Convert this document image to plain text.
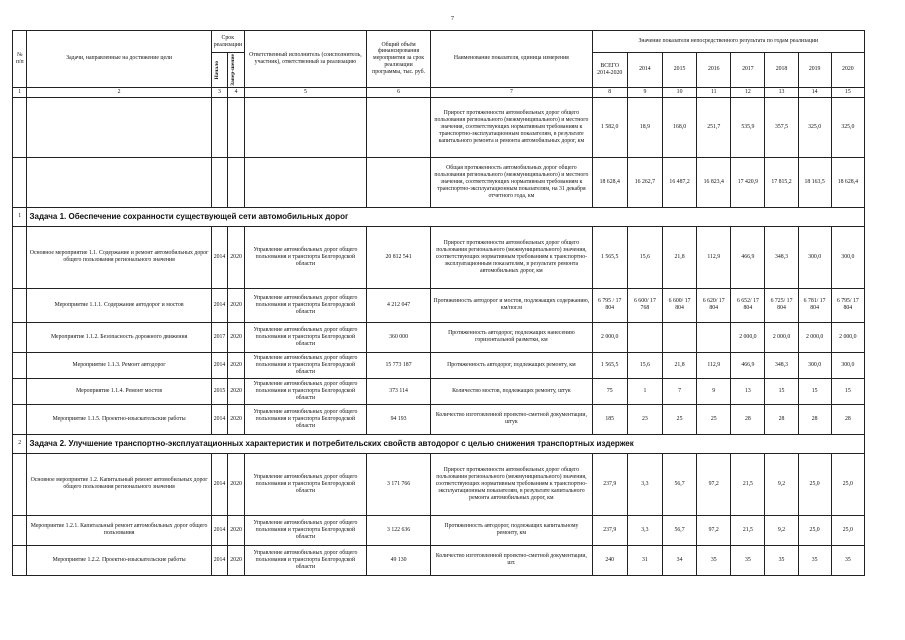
7
№ п/п	Задачи, направленные на достижение цели	Срок реализации		Ответственный исполнитель (соисполнитель, участник), ответственный за реализацию	Общий объём финансирования мероприятия за срок реализации программы, тыс. руб.	Наименование показателя, единица измерения	Значение показателя непосредственного результата по годам реализации							

		Начало	Завер-шение				ВСЕГО 2014-2020	2014	2015	2016	2017	2018	2019	2020
1	2	3	4	5	6	7	8	9	10	11	12	13	14	15
						Прирост протяженности автомобильных дорог общего пользования регионального (межмуниципального) и местного значения, соответствующих нормативным требованиям к транспортно-эксплуатационным показателям, в результате капитального ремонта и ремонта автомобильных дорог, км	1 582,0	18,9	168,0	251,7	535,9	357,5	325,0	325,0
						Общая протяженность автомобильных дорог общего пользования регионального (межмуниципального) и местного значения, соответствующих нормативным требованиям к транспортно-эксплуатационным показателям, на 31 декабря отчетного года, км	18 628,4	16 262,7	16 487,2	16 823,4	17 420,9	17 815,2	18 163,5	18 628,4
1	Задача 1. Обеспечение сохранности существующей сети автомобильных дорог													
	Основное мероприятие 1.1. Содержание и ремонт автомобильных дорог общего пользования регионального значения	2014	2020	Управление автомобильных дорог общего пользования и транспорта Белгородской области	20 812 541	Прирост протяженности автомобильных дорог общего пользования регионального (межмуниципального) значения, соответствующих нормативным требованиям к транспортно-эксплуатационным показателям, в результате ремонта автомобильных дорог, км	1 565,5	15,6	21,8	112,9	466,9	348,3	300,0	300,0
	Мероприятие 1.1.1. Содержание автодорог и мостов	2014	2020	Управление автомобильных дорог общего пользования и транспорта Белгородской области	4 212 047	Протяженность автодорог и мостов, подлежащих содержанию, км/пог.м	6 795 / 17 804	6 600/ 17 768	6 600/ 17 804	6 620/ 17 804	6 652/ 17 804	6 725/ 17 804	6 781/ 17 804	6 795/ 17 804
	Мероприятие 1.1.2. Безопасность дорожного движения	2017	2020	Управление автомобильных дорог общего пользования и транспорта Белгородской области	360 000	Протяженность автодорог, подлежащих нанесению горизонтальной разметки, км	2 000,0				2 000,0	2 000,0	2 000,0	2 000,0
	Мероприятие 1.1.3. Ремонт автодорог	2014	2020	Управление автомобильных дорог общего пользования и транспорта Белгородской области	15 773 187	Протяженность автодорог, подлежащих ремонту, км	1 565,5	15,6	21,8	112,9	466,9	348,3	300,0	300,0
	Мероприятие 1.1.4. Ремонт мостов	2015	2020	Управление автомобильных дорог общего пользования и транспорта Белгородской области	373 114	Количество мостов, подлежащих ремонту, штук	75	1	7	9	13	15	15	15
	Мероприятие 1.1.5. Проектно-изыскательские работы	2014	2020	Управление автомобильных дорог общего пользования и транспорта Белгородской области	94 193	Количество изготовленной проектно-сметной документации, штук	185	23	25	25	28	28	28	28
2	Задача 2. Улучшение транспортно-эксплуатационных характеристик и потребительских свойств автодорог с целью снижения транспортных издержек													
	Основное мероприятие 1.2. Капитальный ремонт автомобильных дорог общего пользования регионального значения	2014	2020	Управление автомобильных дорог общего пользования и транспорта Белгородской области	3 171 766	Прирост протяженности автомобильных дорог общего пользования регионального (межмуниципального) значения, соответствующих нормативным требованиям к транспортно-эксплуатационным показателям, в результате капитального ремонта автомобильных дорог, км	237,9	3,3	56,7	97,2	21,5	9,2	25,0	25,0
	Мероприятие 1.2.1. Капитальный ремонт автомобильных дорог общего пользования	2014	2020	Управление автомобильных дорог общего пользования и транспорта Белгородской области	3 122 636	Протяженность автодорог, подлежащих капитальному ремонту, км	237,9	3,3	56,7	97,2	21,5	9,2	25,0	25,0
	Мероприятие 1.2.2. Проектно-изыскательские работы	2014	2020	Управление автомобильных дорог общего пользования и транспорта Белгородской области	49 130	Количество изготовленной проектно-сметной документации, шт.	240	31	34	35	35	35	35	35
